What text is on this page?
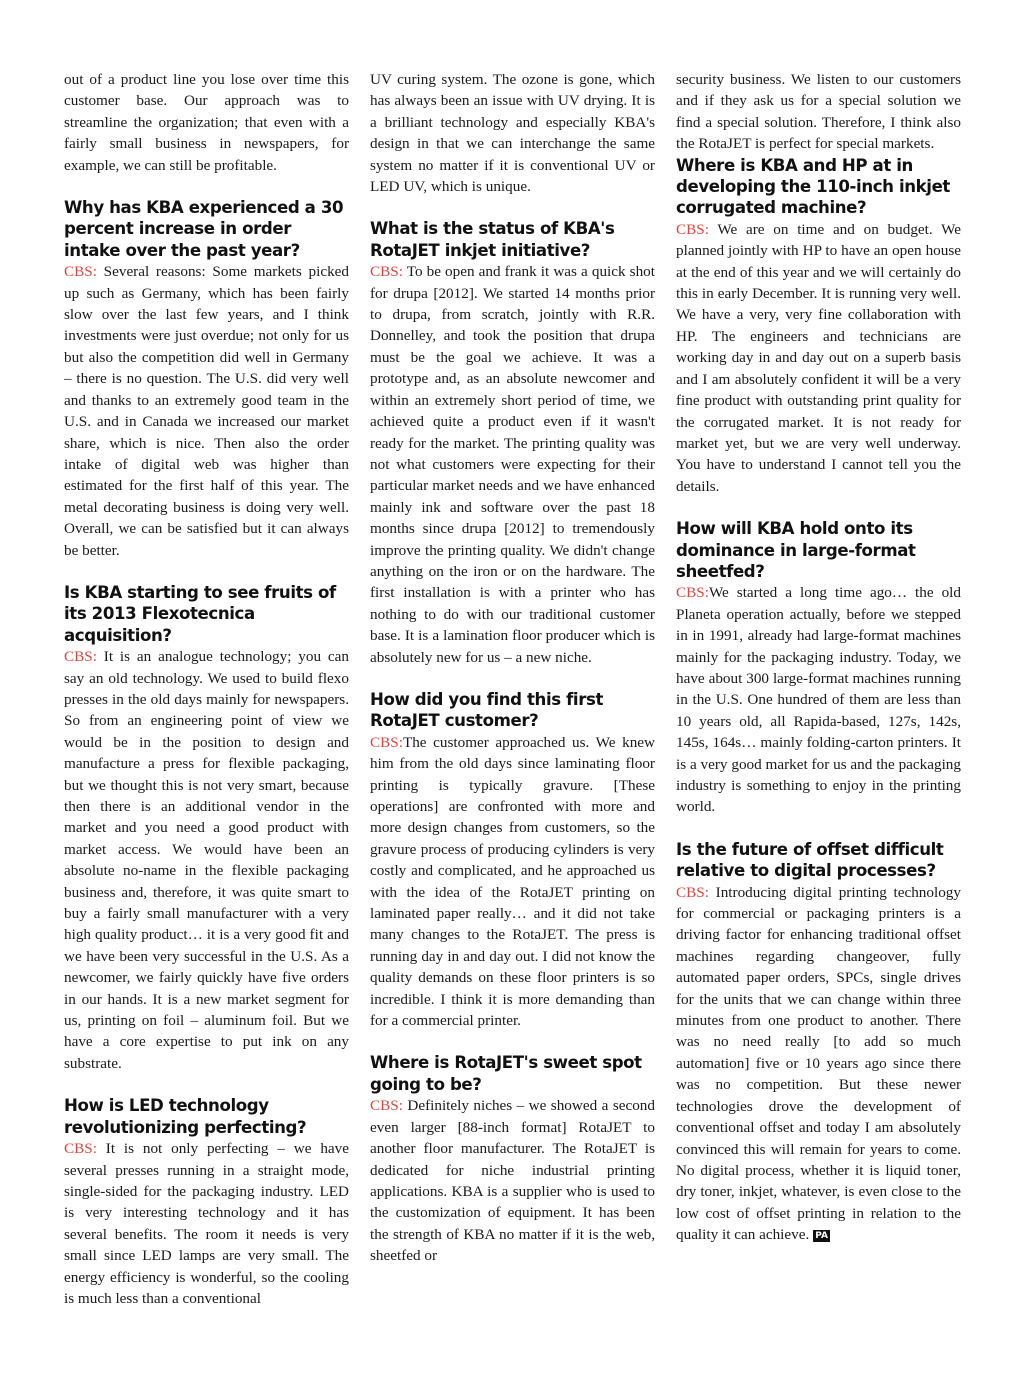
out of a product line you lose over time this customer base. Our approach was to streamline the organization; that even with a fairly small business in newspapers, for example, we can still be profitable.

Why has KBA experienced a 30 percent increase in order intake over the past year?

CBS: Several reasons: Some markets picked up such as Germany, which has been fairly slow over the last few years, and I think investments were just overdue; not only for us but also the competition did well in Germany – there is no question. The U.S. did very well and thanks to an extremely good team in the U.S. and in Canada we increased our market share, which is nice. Then also the order intake of digital web was higher than estimated for the first half of this year. The metal decorating business is doing very well. Overall, we can be satisfied but it can always be better.

Is KBA starting to see fruits of its 2013 Flexotecnica acquisition?

CBS: It is an analogue technology; you can say an old technology. We used to build flexo presses in the old days mainly for newspapers. So from an engineering point of view we would be in the position to design and manufacture a press for flexible packaging, but we thought this is not very smart, because then there is an additional vendor in the market and you need a good product with market access. We would have been an absolute no-name in the flexible packaging business and, therefore, it was quite smart to buy a fairly small manufacturer with a very high quality product… it is a very good fit and we have been very successful in the U.S. As a newcomer, we fairly quickly have five orders in our hands. It is a new market segment for us, printing on foil – aluminum foil. But we have a core expertise to put ink on any substrate.

How is LED technology revolutionizing perfecting?

CBS: It is not only perfecting – we have several presses running in a straight mode, single-sided for the packaging industry. LED is very interesting technology and it has several benefits. The room it needs is very small since LED lamps are very small. The energy efficiency is wonderful, so the cooling is much less than a conventional

UV curing system. The ozone is gone, which has always been an issue with UV drying. It is a brilliant technology and especially KBA's design in that we can interchange the same system no matter if it is conventional UV or LED UV, which is unique.

What is the status of KBA's RotaJET inkjet initiative?

CBS: To be open and frank it was a quick shot for drupa [2012]. We started 14 months prior to drupa, from scratch, jointly with R.R. Donnelley, and took the position that drupa must be the goal we achieve. It was a prototype and, as an absolute newcomer and within an extremely short period of time, we achieved quite a product even if it wasn't ready for the market. The printing quality was not what customers were expecting for their particular market needs and we have enhanced mainly ink and software over the past 18 months since drupa [2012] to tremendously improve the printing quality. We didn't change anything on the iron or on the hardware. The first installation is with a printer who has nothing to do with our traditional customer base. It is a lamination floor producer which is absolutely new for us – a new niche.

How did you find this first RotaJET customer?

CBS:The customer approached us. We knew him from the old days since laminating floor printing is typically gravure. [These operations] are confronted with more and more design changes from customers, so the gravure process of producing cylinders is very costly and complicated, and he approached us with the idea of the RotaJET printing on laminated paper really… and it did not take many changes to the RotaJET. The press is running day in and day out. I did not know the quality demands on these floor printers is so incredible. I think it is more demanding than for a commercial printer.

Where is RotaJET's sweet spot going to be?

CBS: Definitely niches – we showed a second even larger [88-inch format] RotaJET to another floor manufacturer. The RotaJET is dedicated for niche industrial printing applications. KBA is a supplier who is used to the customization of equipment. It has been the strength of KBA no matter if it is the web, sheetfed or

security business. We listen to our customers and if they ask us for a special solution we find a special solution. Therefore, I think also the RotaJET is perfect for special markets.

Where is KBA and HP at in developing the 110-inch inkjet corrugated machine?

CBS: We are on time and on budget. We planned jointly with HP to have an open house at the end of this year and we will certainly do this in early December. It is running very well. We have a very, very fine collaboration with HP. The engineers and technicians are working day in and day out on a superb basis and I am absolutely confident it will be a very fine product with outstanding print quality for the corrugated market. It is not ready for market yet, but we are very well underway. You have to understand I cannot tell you the details.

How will KBA hold onto its dominance in large-format sheetfed?

CBS:We started a long time ago… the old Planeta operation actually, before we stepped in in 1991, already had large-format machines mainly for the packaging industry. Today, we have about 300 large-format machines running in the U.S. One hundred of them are less than 10 years old, all Rapida-based, 127s, 142s, 145s, 164s… mainly folding-carton printers. It is a very good market for us and the packaging industry is something to enjoy in the printing world.

Is the future of offset difficult relative to digital processes?

CBS: Introducing digital printing technology for commercial or packaging printers is a driving factor for enhancing traditional offset machines regarding changeover, fully automated paper orders, SPCs, single drives for the units that we can change within three minutes from one product to another. There was no need really [to add so much automation] five or 10 years ago since there was no competition. But these newer technologies drove the development of conventional offset and today I am absolutely convinced this will remain for years to come. No digital process, whether it is liquid toner, dry toner, inkjet, whatever, is even close to the low cost of offset printing in relation to the quality it can achieve. PA
